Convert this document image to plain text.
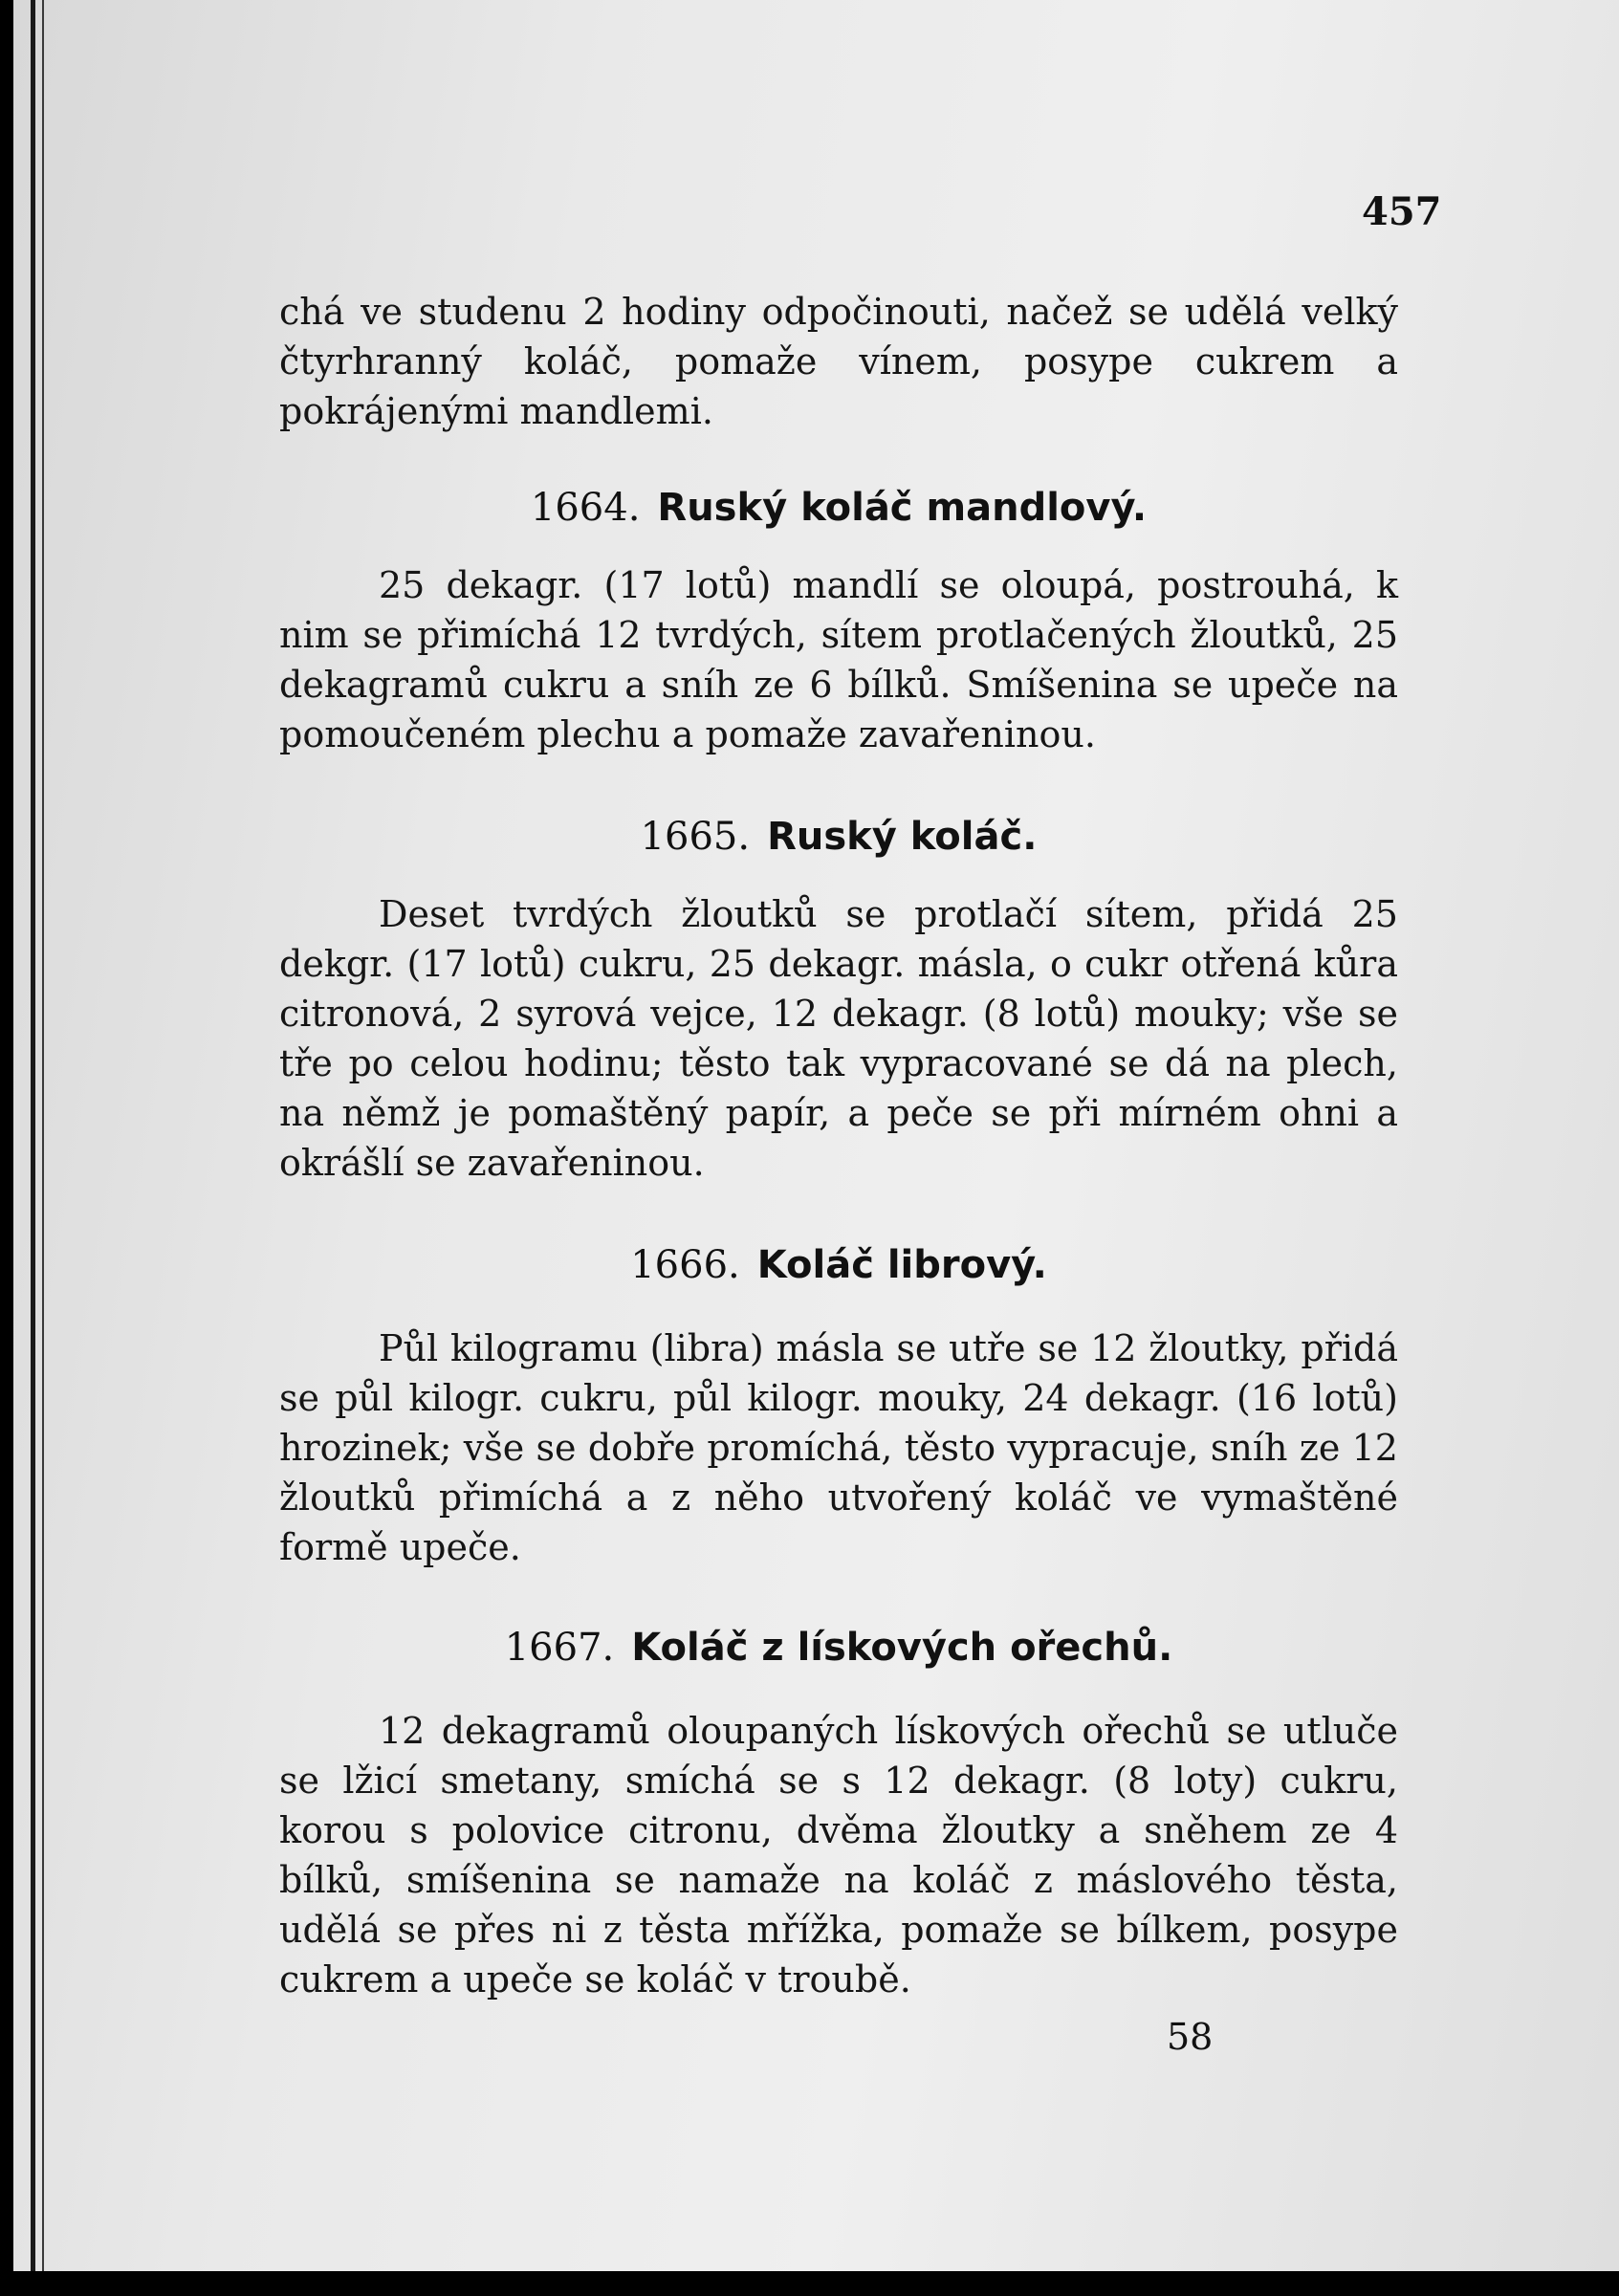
457
chá ve studenu 2 hodiny odpočinouti, načež se udělá velký čtyrhranný koláč, pomaže vínem, posype cukrem a pokrájenými mandlemi.
1664. Ruský koláč mandlový.
25 dekagr. (17 lotů) mandlí se oloupá, postrouhá, k nim se přimíchá 12 tvrdých, sítem protlačených žloutků, 25 dekagramů cukru a sníh ze 6 bílků. Smíšenina se upeče na pomoučeném plechu a pomaže zavařeninou.
1665. Ruský koláč.
Deset tvrdých žloutků se protlačí sítem, přidá 25 dekgr. (17 lotů) cukru, 25 dekagr. másla, o cukr otřená kůra citronová, 2 syrová vejce, 12 dekagr. (8 lotů) mouky; vše se tře po celou hodinu; těsto tak vypracované se dá na plech, na němž je pomaštěný papír, a peče se při mírném ohni a okrášlí se zavařeninou.
1666. Koláč librový.
Půl kilogramu (libra) másla se utře se 12 žloutky, přidá se půl kilogr. cukru, půl kilogr. mouky, 24 dekagr. (16 lotů) hrozinek; vše se dobře promíchá, těsto vypracuje, sníh ze 12 žloutků přimíchá a z něho utvořený koláč ve vymaštěné formě upeče.
1667. Koláč z lískových ořechů.
12 dekagramů oloupaných lískových ořechů se utluče se lžicí smetany, smíchá se s 12 dekagr. (8 loty) cukru, korou s polovice citronu, dvěma žloutky a sněhem ze 4 bílků, smíšenina se namaže na koláč z máslového těsta, udělá se přes ni z těsta mřížka, pomaže se bílkem, posype cukrem a upeče se koláč v troubě.
58
